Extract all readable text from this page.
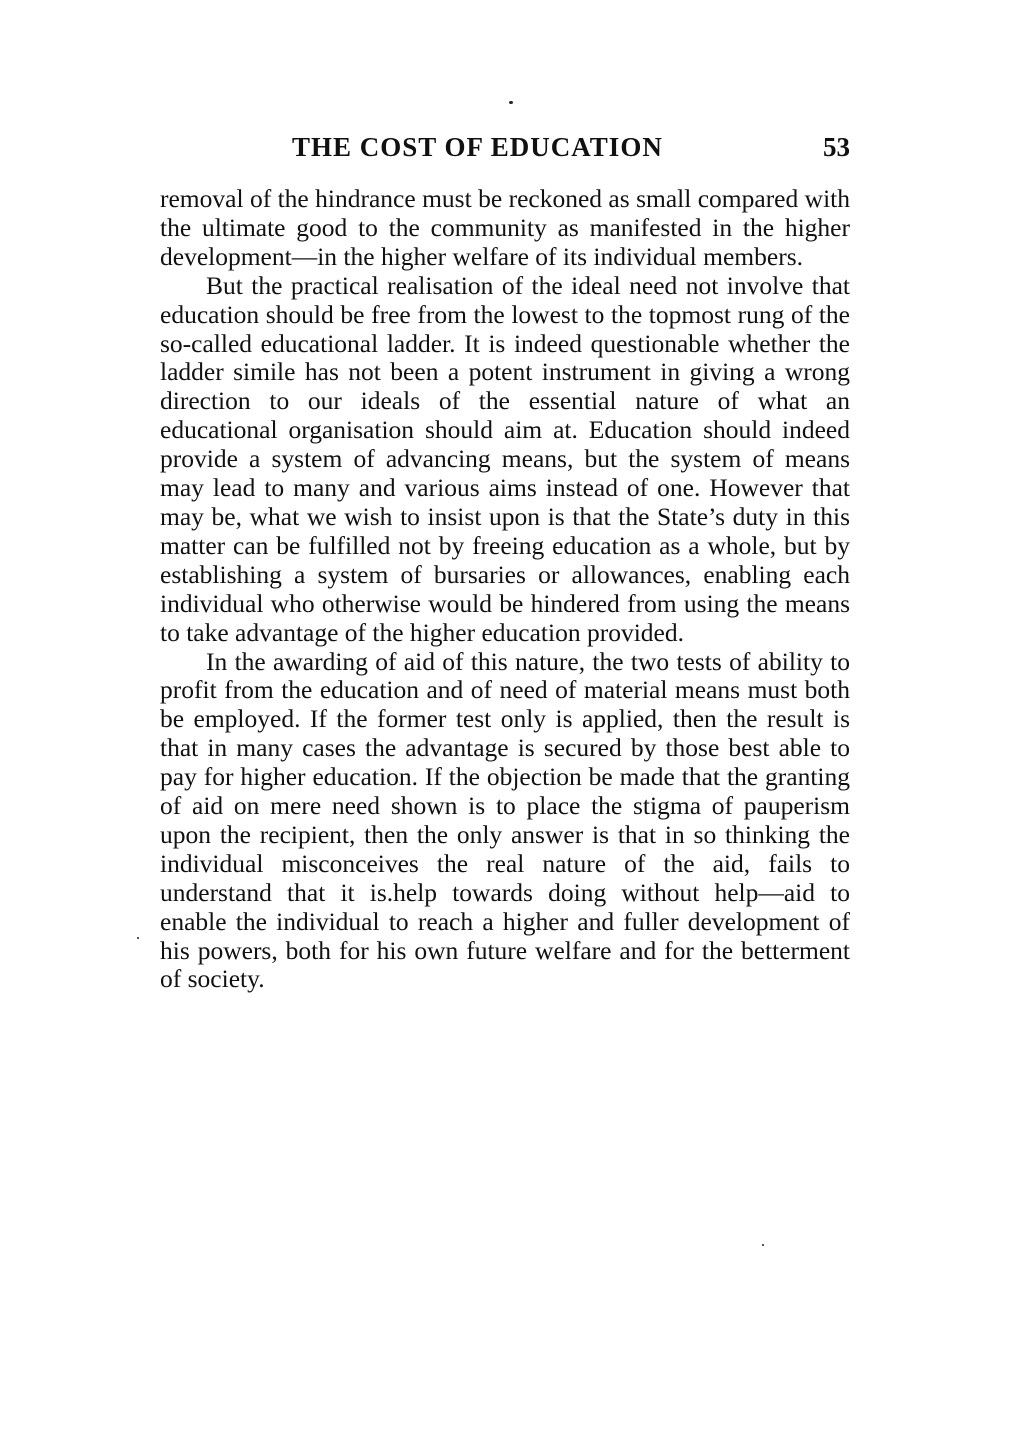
THE COST OF EDUCATION	53

removal of the hindrance must be reckoned as small compared with the ultimate good to the community as manifested in the higher development—in the higher welfare of its individual members.

But the practical realisation of the ideal need not involve that education should be free from the lowest to the topmost rung of the so-called educational ladder. It is indeed questionable whether the ladder simile has not been a potent instrument in giving a wrong direction to our ideals of the essential nature of what an educational organisation should aim at. Education should indeed provide a system of advancing means, but the system of means may lead to many and various aims instead of one. However that may be, what we wish to insist upon is that the State’s duty in this matter can be fulfilled not by freeing education as a whole, but by establishing a system of bursaries or allowances, enabling each individual who otherwise would be hindered from using the means to take advantage of the higher education provided.

In the awarding of aid of this nature, the two tests of ability to profit from the education and of need of material means must both be employed. If the former test only is applied, then the result is that in many cases the advantage is secured by those best able to pay for higher education. If the objection be made that the granting of aid on mere need shown is to place the stigma of pauperism upon the recipient, then the only answer is that in so thinking the individual misconceives the real nature of the aid, fails to understand that it is.help towards doing without help—aid to enable the individual to reach a higher and fuller development of his powers, both for his own future welfare and for the betterment of society.
